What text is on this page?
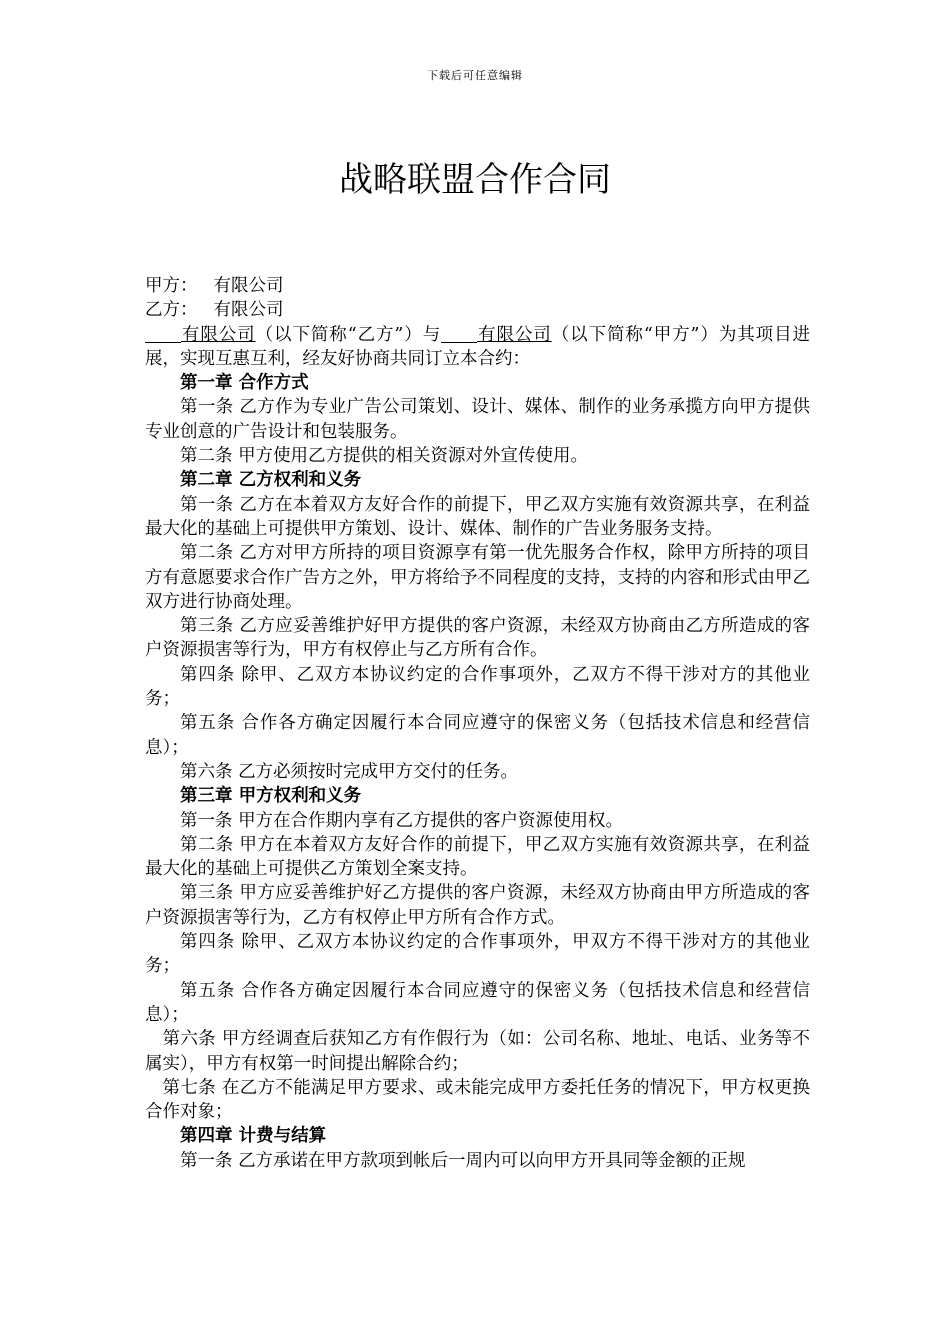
下载后可任意编辑
战略联盟合作合同

甲方： 有限公司

乙方： 有限公司

有限公司（以下简称“乙方”）与 有限公司（以下简称“甲方”）为其项目进展，实现互惠互利，经友好协商共同订立本合约：

第一章 合作方式

第一条 乙方作为专业广告公司策划、设计、媒体、制作的业务承揽方向甲方提供专业创意的广告设计和包装服务。

第二条 甲方使用乙方提供的相关资源对外宣传使用。

第二章 乙方权利和义务

第一条 乙方在本着双方友好合作的前提下，甲乙双方实施有效资源共享，在利益最大化的基础上可提供甲方策划、设计、媒体、制作的广告业务服务支持。

第二条 乙方对甲方所持的项目资源享有第一优先服务合作权，除甲方所持的项目方有意愿要求合作广告方之外，甲方将给予不同程度的支持，支持的内容和形式由甲乙双方进行协商处理。

第三条 乙方应妥善维护好甲方提供的客户资源，未经双方协商由乙方所造成的客户资源损害等行为，甲方有权停止与乙方所有合作。

第四条 除甲、乙双方本协议约定的合作事项外，乙双方不得干涉对方的其他业务；

第五条 合作各方确定因履行本合同应遵守的保密义务（包括技术信息和经营信息）；

第六条 乙方必须按时完成甲方交付的任务。

第三章 甲方权利和义务

第一条 甲方在合作期内享有乙方提供的客户资源使用权。

第二条 甲方在本着双方友好合作的前提下，甲乙双方实施有效资源共享，在利益最大化的基础上可提供乙方策划全案支持。

第三条 甲方应妥善维护好乙方提供的客户资源，未经双方协商由甲方所造成的客户资源损害等行为，乙方有权停止甲方所有合作方式。

第四条 除甲、乙双方本协议约定的合作事项外，甲双方不得干涉对方的其他业务；

第五条 合作各方确定因履行本合同应遵守的保密义务（包括技术信息和经营信息）；

第六条 甲方经调查后获知乙方有作假行为（如：公司名称、地址、电话、业务等不属实），甲方有权第一时间提出解除合约；

第七条 在乙方不能满足甲方要求、或未能完成甲方委托任务的情况下，甲方权更换合作对象；

第四章 计费与结算

第一条 乙方承诺在甲方款项到帐后一周内可以向甲方开具同等金额的正规
